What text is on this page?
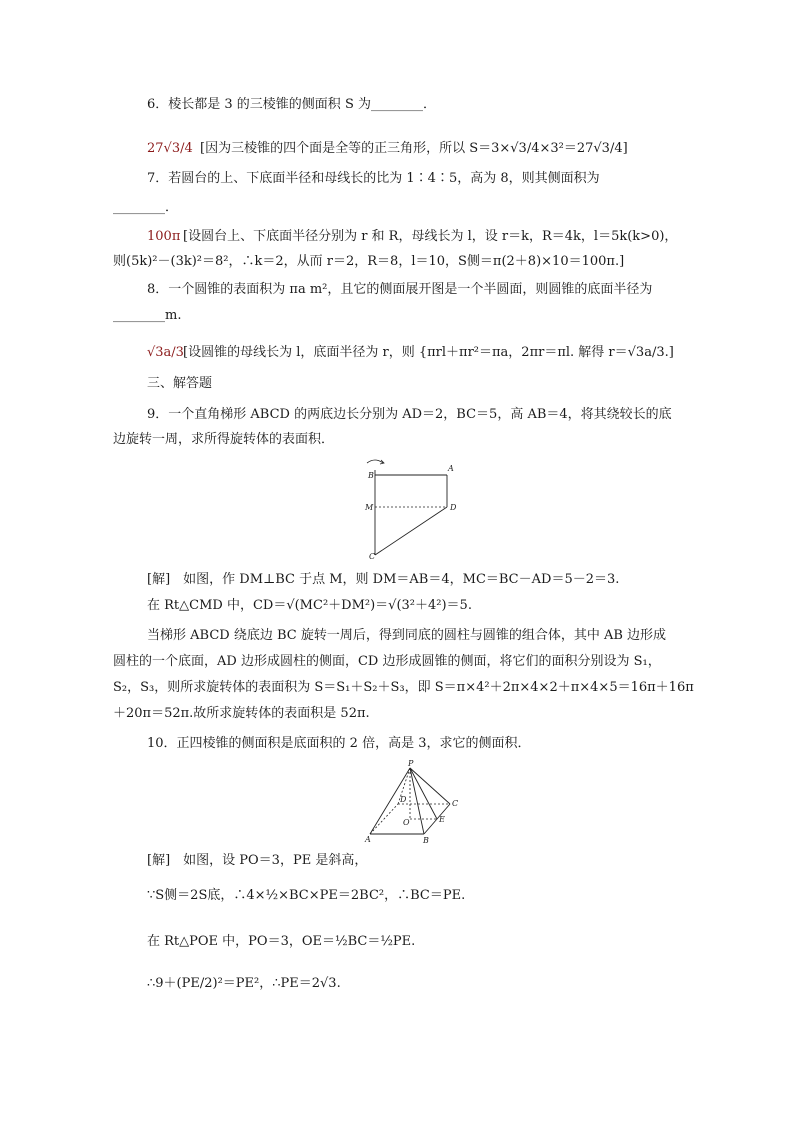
6．棱长都是 3 的三棱锥的侧面积 S 为________．
27√3/4 [因为三棱锥的四个面是全等的正三角形，所以 S＝3×√3/4×3²＝27√3/4]
7．若圆台的上、下底面半径和母线长的比为 1∶4∶5，高为 8，则其侧面积为
________．
100π [设圆台上、下底面半径分别为 r 和 R，母线长为 l，设 r＝k，R＝4k，l＝5k(k>0)，
则(5k)²－(3k)²＝8²，∴k＝2，从而 r＝2，R＝8，l＝10，S侧＝π(2＋8)×10＝100π.]
8．一个圆锥的表面积为 πa m²，且它的侧面展开图是一个半圆面，则圆锥的底面半径为
________m.
√3a/3 [设圆锥的母线长为 l，底面半径为 r，则 {πrl＋πr²＝πa，2πr＝πl. 解得 r＝√3a/3.]
三、解答题
9．一个直角梯形 ABCD 的两底边长分别为 AD＝2，BC＝5，高 AB＝4，将其绕较长的底
边旋转一周，求所得旋转体的表面积．
B
A
M	D
C
[解]　如图，作 DM⊥BC 于点 M，则 DM＝AB＝4，MC＝BC－AD＝5－2＝3.
在 Rt△CMD 中，CD＝√(MC²＋DM²)＝√(3²＋4²)＝5.
当梯形 ABCD 绕底边 BC 旋转一周后，得到同底的圆柱与圆锥的组合体，其中 AB 边形成
圆柱的一个底面，AD 边形成圆柱的侧面，CD 边形成圆锥的侧面，将它们的面积分别设为 S₁，
S₂，S₃，则所求旋转体的表面积为 S＝S₁＋S₂＋S₃，即 S＝π×4²＋2π×4×2＋π×4×5＝16π＋16π
＋20π＝52π.故所求旋转体的表面积是 52π.
10．正四棱锥的侧面积是底面积的 2 倍，高是 3，求它的侧面积．
P
D	C
O	E
A	B
[解]　如图，设 PO＝3，PE 是斜高，
∵S侧＝2S底，∴4×½×BC×PE＝2BC²，∴BC＝PE.
在 Rt△POE 中，PO＝3，OE＝½BC＝½PE.
∴9＋(PE/2)²＝PE²，∴PE＝2√3.
